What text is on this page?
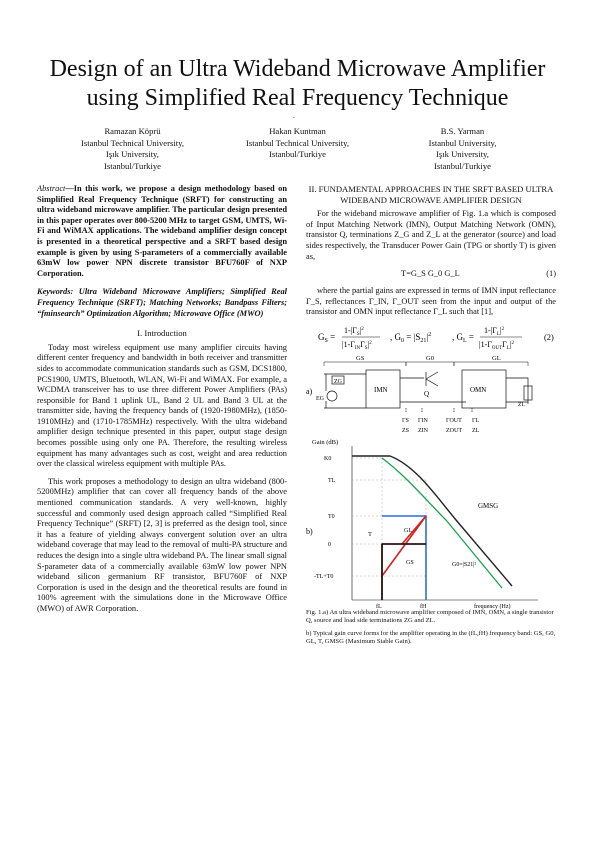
Design of an Ultra Wideband Microwave Amplifier using Simplified Real Frequency Technique
.
Ramazan Köprü
Istanbul Technical University,
Işık University,
Istanbul/Turkiye
Hakan Kuntman
Istanbul Technical University,
Istanbul/Turkiye
B.S. Yarman
Istanbul University,
Işık University,
Istanbul/Turkiye
Abstract—In this work, we propose a design methodology based on Simplified Real Frequency Technique (SRFT) for constructing an ultra wideband microwave amplifier. The particular design presented in this paper operates over 800-5200 MHz to target GSM, UMTS, Wi-Fi and WiMAX applications. The wideband amplifier design concept is presented in a theoretical perspective and a SRFT based design example is given by using S-parameters of a commercially available 63mW low power NPN discrete transistor BFU760F of NXP Corporation.
Keywords: Ultra Wideband Microwave Amplifiers; Simplified Real Frequency Technique (SRFT); Matching Networks; Bandpass Filters; “fminsearch” Optimization Algorithm; Microwave Office (MWO)
I. Introduction

Today most wireless equipment use many amplifier circuits having different center frequency and bandwidth in both receiver and transmitter sides to accommodate communication standards such as GSM, DCS1800, PCS1900, UMTS, Bluetooth, WLAN, Wi-Fi and WiMAX. For example, a WCDMA transceiver has to use three different Power Amplifiers (PAs) responsible for Band 1 uplink UL, Band 2 UL and Band 3 UL at the transmitter side, having the frequency bands of (1920-1980MHz), (1850-1910MHz) and (1710-1785MHz) respectively. With the ultra wideband amplifier design technique presented in this paper, output stage design becomes possible using only one PA. Therefore, the resulting wireless equipment has many advantages such as cost, weight and area reduction over the classical wireless equipment with multiple PAs.

This work proposes a methodology to design an ultra wideband (800-5200MHz) amplifier that can cover all frequency bands of the above mentioned communication standards. A very well-known, highly successful and commonly used design approach called “Simplified Real Frequency Technique” (SRFT) [2, 3] is preferred as the design tool, since it has a feature of yielding always convergent solution over an ultra wideband coverage that may lead to the removal of multi-PA structure and reduces the design into a single ultra wideband PA. The linear small signal S-parameter data of a commercially available 63mW low power NPN wideband silicon germanium RF transistor, BFU760F of NXP Corporation is used in the design and the theoretical results are found in 100% agreement with the simulations done in the Microwave Office (MWO) of AWR Corporation.

II. FUNDAMENTAL APPROACHES IN THE SRFT BASED ULTRA WIDEBAND MICROWAVE AMPLIFIER DESIGN

For the wideband microwave amplifier of Fig. 1.a which is composed of Input Matching Network (IMN), Output Matching Network (OMN), transistor Q, terminations Z_G and Z_L at the generator (source) and load sides respectively, the Transducer Power Gain (TPG or shortly T) is given as,

T=G_S G_0 G_L	(1)

where the partial gains are expressed in terms of IMN input reflectance Γ_S, reflectances Γ_IN, Γ_OUT seen from the input and output of the transistor and OMN input reflectance Γ_L such that [1],

$G_S$ =
$1-|\Gamma_S|^2$
$|1-\Gamma_{IN}\Gamma_S|^2$
, $G_0 = |S_{21}|^2$ , $G_L$ =
$1-|\Gamma_L|^2$
$|1-\Gamma_{OUT}\Gamma_L|^2$
(2)
a)
GS	G0	GL
ZG
EG
IMN	Q	OMN
ZL
ΓS ΓIN	ΓOUT ΓL
ZS ZIN	ZOUT ZL
b)
Gain (dB)
K0
TL
T0
0
-TL+T0
fL	fH	frequency (Hz)
GMSG
T	GL
GS	G0=|S21|²

Fig. 1.a) An ultra wideband microwave amplifier composed of IMN, OMN, a single transistor Q, source and load side terminations ZG and ZL.

b) Typical gain curve forms for the amplifier operating in the (fL,fH) frequency band: GS, G0, GL, T, GMSG (Maximum Stable Gain).
